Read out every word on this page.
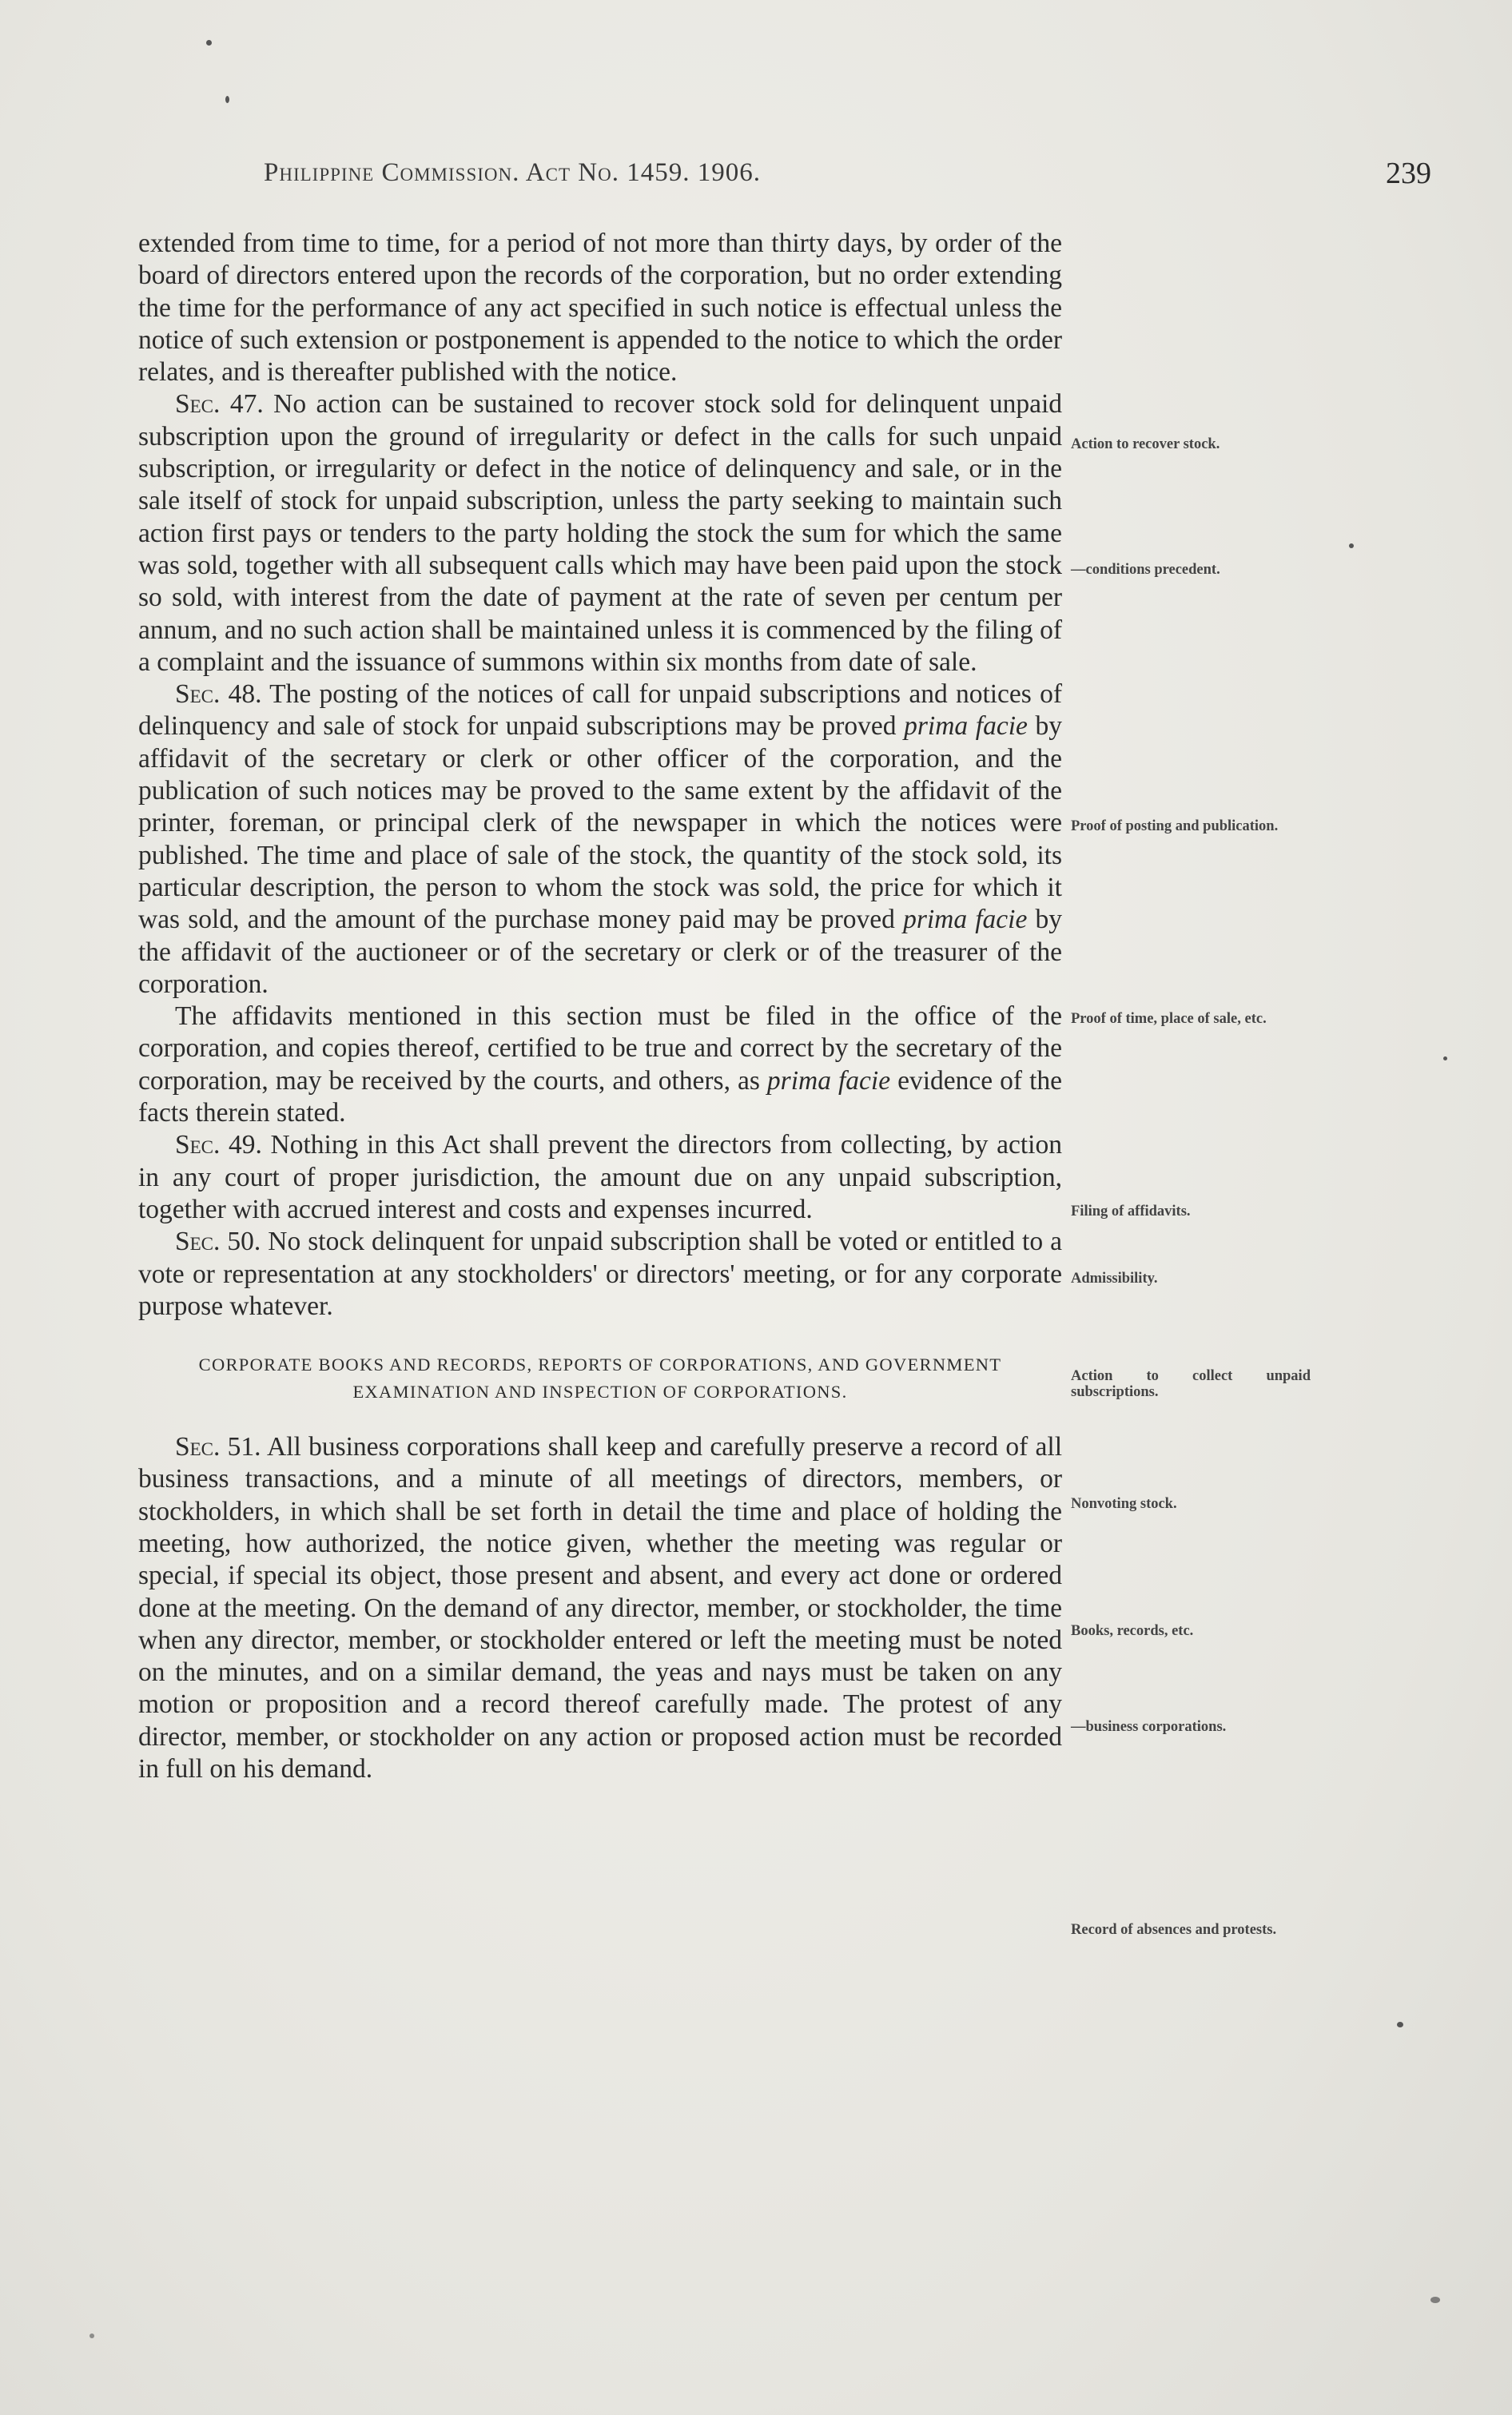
Philippine Commission. Act No. 1459. 1906.	239

extended from time to time, for a period of not more than thirty days, by order of the board of directors entered upon the records of the corporation, but no order extending the time for the performance of any act specified in such notice is effectual unless the notice of such extension or postponement is appended to the notice to which the order relates, and is thereafter published with the notice.

Sec. 47. No action can be sustained to recover stock sold for delinquent unpaid subscription upon the ground of irregularity or defect in the calls for such unpaid subscription, or irregularity or defect in the notice of delinquency and sale, or in the sale itself of stock for unpaid subscription, unless the party seeking to maintain such action first pays or tenders to the party holding the stock the sum for which the same was sold, together with all subsequent calls which may have been paid upon the stock so sold, with interest from the date of payment at the rate of seven per centum per annum, and no such action shall be maintained unless it is commenced by the filing of a complaint and the issuance of summons within six months from date of sale.

Sec. 48. The posting of the notices of call for unpaid subscriptions and notices of delinquency and sale of stock for unpaid subscriptions may be proved prima facie by affidavit of the secretary or clerk or other officer of the corporation, and the publication of such notices may be proved to the same extent by the affidavit of the printer, foreman, or principal clerk of the newspaper in which the notices were published. The time and place of sale of the stock, the quantity of the stock sold, its particular description, the person to whom the stock was sold, the price for which it was sold, and the amount of the purchase money paid may be proved prima facie by the affidavit of the auctioneer or of the secretary or clerk or of the treasurer of the corporation.

The affidavits mentioned in this section must be filed in the office of the corporation, and copies thereof, certified to be true and correct by the secretary of the corporation, may be received by the courts, and others, as prima facie evidence of the facts therein stated.

Sec. 49. Nothing in this Act shall prevent the directors from collecting, by action in any court of proper jurisdiction, the amount due on any unpaid subscription, together with accrued interest and costs and expenses incurred.

Sec. 50. No stock delinquent for unpaid subscription shall be voted or entitled to a vote or representation at any stockholders' or directors' meeting, or for any corporate purpose whatever.

CORPORATE BOOKS AND RECORDS, REPORTS OF CORPORATIONS, AND GOVERNMENT EXAMINATION AND INSPECTION OF CORPORATIONS.

Sec. 51. All business corporations shall keep and carefully preserve a record of all business transactions, and a minute of all meetings of directors, members, or stockholders, in which shall be set forth in detail the time and place of holding the meeting, how authorized, the notice given, whether the meeting was regular or special, if special its object, those present and absent, and every act done or ordered done at the meeting. On the demand of any director, member, or stockholder, the time when any director, member, or stockholder entered or left the meeting must be noted on the minutes, and on a similar demand, the yeas and nays must be taken on any motion or proposition and a record thereof carefully made. The protest of any director, member, or stockholder on any action or proposed action must be recorded in full on his demand.

Action to recover stock.
—conditions precedent.
Proof of posting and publication.
Proof of time, place of sale, etc.
Filing of affidavits.
Admissibility.
Action to collect unpaid subscriptions.
Nonvoting stock.
Books, records, etc.
—business corporations.
Record of absences and protests.
